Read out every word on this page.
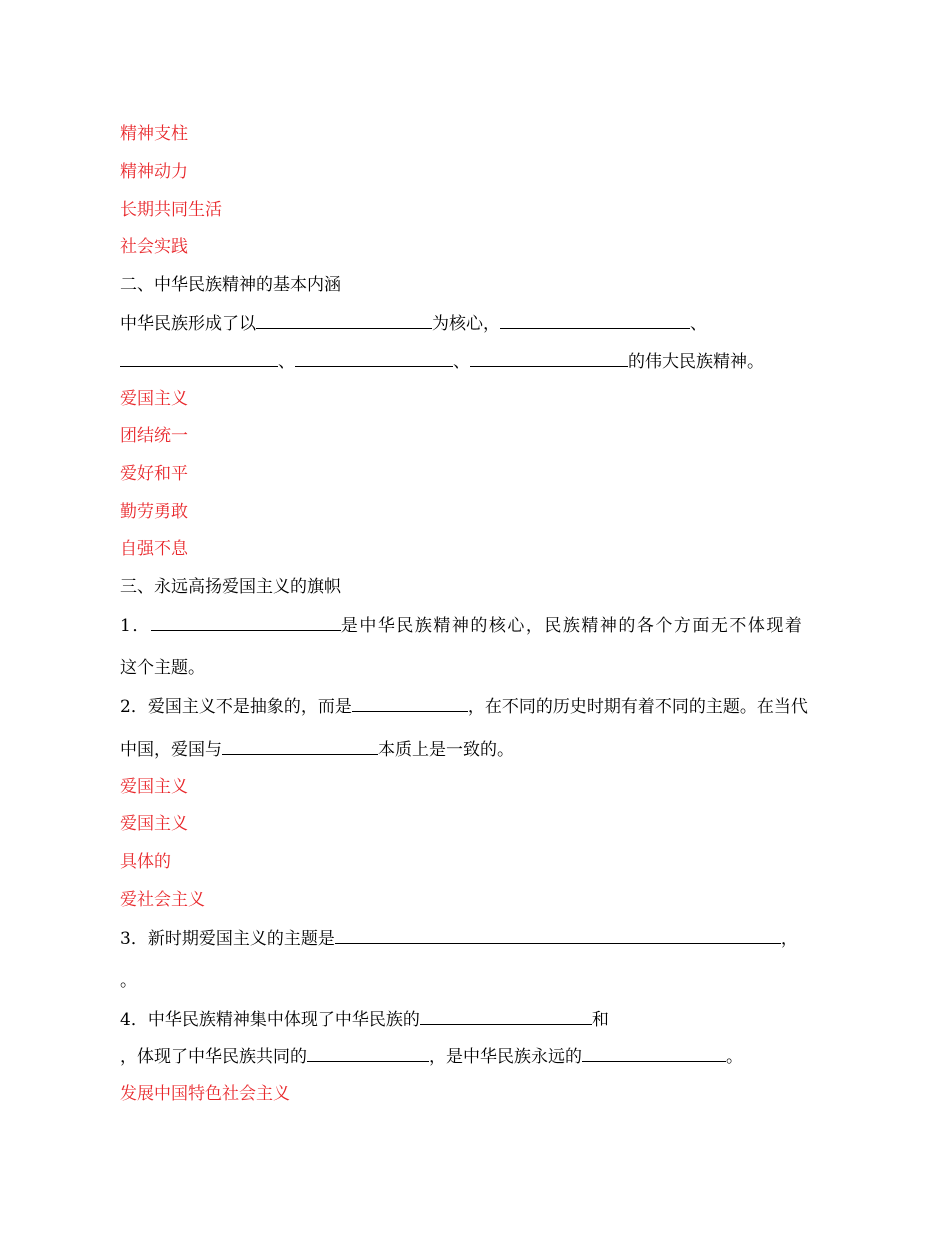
精神支柱
精神动力
长期共同生活
社会实践
二、中华民族精神的基本内涵
中华民族形成了以	为核心，	、
、	、	的伟大民族精神。
爱国主义
团结统一
爱好和平
勤劳勇敢
自强不息
三、永远高扬爱国主义的旗帜
1．	是中华民族精神的核心，民族精神的各个方面无不体现着
这个主题。
2．爱国主义不是抽象的，而是	，在不同的历史时期有着不同的主题。在当代
中国，爱国与	本质上是一致的。
爱国主义
爱国主义
具体的
爱社会主义
3．新时期爱国主义的主题是	，
。
4．中华民族精神集中体现了中华民族的	和
，体现了中华民族共同的	，是中华民族永远的	。
发展中国特色社会主义
